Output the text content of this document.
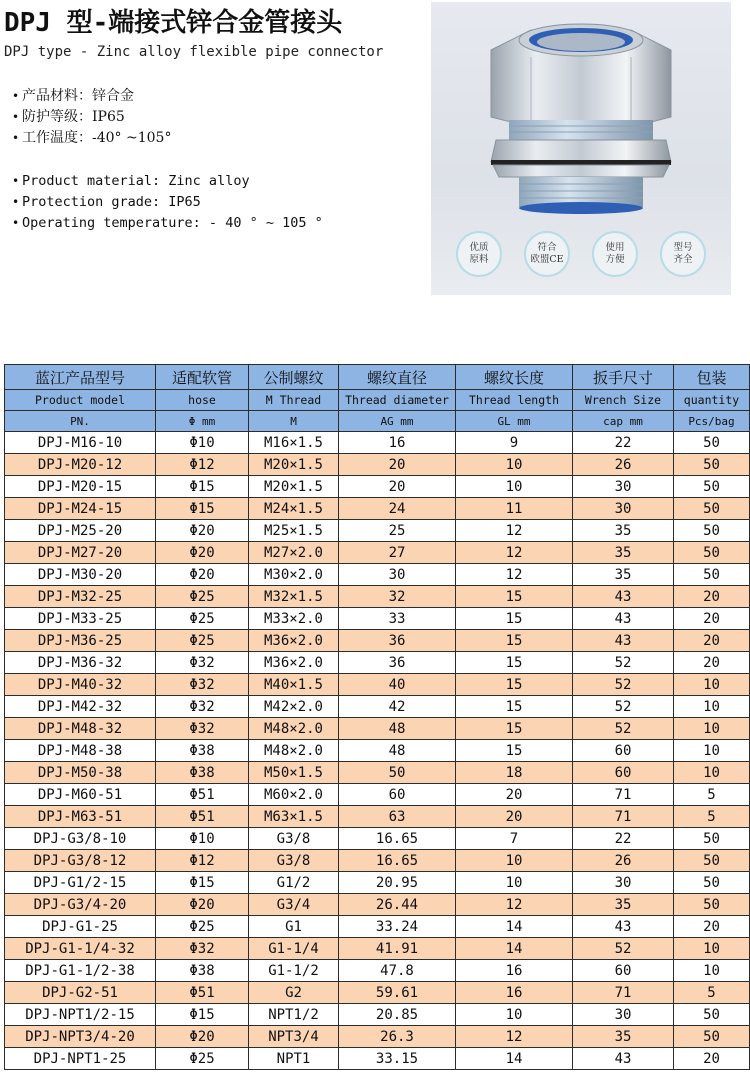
DPJ 型-端接式锌合金管接头
DPJ type - Zinc alloy flexible pipe connector
• 产品材料：锌合金
• 防护等级：IP65
• 工作温度：-40° ~105°
• Product material: Zinc alloy
• Protection grade: IP65
• Operating temperature: - 40 ° ~ 105 °
优质
原料
符合
欧盟CE
使用
方便
型号
齐全
蓝江产品型号	适配软管	公制螺纹	螺纹直径	螺纹长度	扳手尺寸	包装
Product model	hose	M Thread	Thread diameter	Thread length	Wrench Size	quantity
PN.	Φ mm	M	AG mm	GL mm	cap mm	Pcs/bag
DPJ-M16-10	Φ10	M16×1.5	16	9	22	50
DPJ-M20-12	Φ12	M20×1.5	20	10	26	50
DPJ-M20-15	Φ15	M20×1.5	20	10	30	50
DPJ-M24-15	Φ15	M24×1.5	24	11	30	50
DPJ-M25-20	Φ20	M25×1.5	25	12	35	50
DPJ-M27-20	Φ20	M27×2.0	27	12	35	50
DPJ-M30-20	Φ20	M30×2.0	30	12	35	50
DPJ-M32-25	Φ25	M32×1.5	32	15	43	20
DPJ-M33-25	Φ25	M33×2.0	33	15	43	20
DPJ-M36-25	Φ25	M36×2.0	36	15	43	20
DPJ-M36-32	Φ32	M36×2.0	36	15	52	20
DPJ-M40-32	Φ32	M40×1.5	40	15	52	10
DPJ-M42-32	Φ32	M42×2.0	42	15	52	10
DPJ-M48-32	Φ32	M48×2.0	48	15	52	10
DPJ-M48-38	Φ38	M48×2.0	48	15	60	10
DPJ-M50-38	Φ38	M50×1.5	50	18	60	10
DPJ-M60-51	Φ51	M60×2.0	60	20	71	5
DPJ-M63-51	Φ51	M63×1.5	63	20	71	5
DPJ-G3/8-10	Φ10	G3/8	16.65	7	22	50
DPJ-G3/8-12	Φ12	G3/8	16.65	10	26	50
DPJ-G1/2-15	Φ15	G1/2	20.95	10	30	50
DPJ-G3/4-20	Φ20	G3/4	26.44	12	35	50
DPJ-G1-25	Φ25	G1	33.24	14	43	20
DPJ-G1-1/4-32	Φ32	G1-1/4	41.91	14	52	10
DPJ-G1-1/2-38	Φ38	G1-1/2	47.8	16	60	10
DPJ-G2-51	Φ51	G2	59.61	16	71	5
DPJ-NPT1/2-15	Φ15	NPT1/2	20.85	10	30	50
DPJ-NPT3/4-20	Φ20	NPT3/4	26.3	12	35	50
DPJ-NPT1-25	Φ25	NPT1	33.15	14	43	20
